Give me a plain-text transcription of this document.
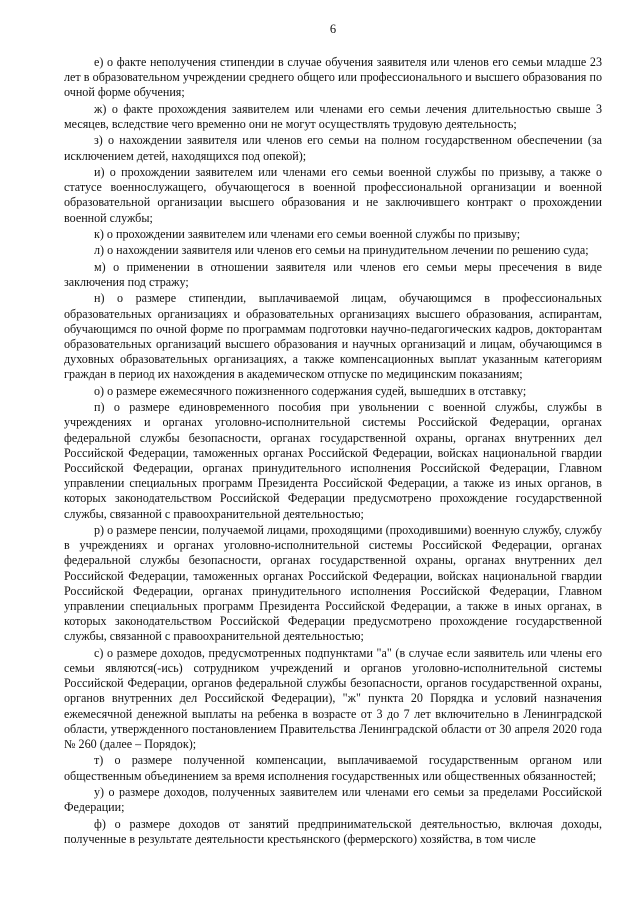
6

е) о факте неполучения стипендии в случае обучения заявителя или членов его семьи младше 23 лет в образовательном учреждении среднего общего или профессионального и высшего образования по очной форме обучения;

ж) о факте прохождения заявителем или членами его семьи лечения длительностью свыше 3 месяцев, вследствие чего временно они не могут осуществлять трудовую деятельность;

з) о нахождении заявителя или членов его семьи на полном государственном обеспечении (за исключением детей, находящихся под опекой);

и) о прохождении заявителем или членами его семьи военной службы по призыву, а также о статусе военнослужащего, обучающегося в военной профессиональной организации и военной образовательной организации высшего образования и не заключившего контракт о прохождении военной службы;

к) о прохождении заявителем или членами его семьи военной службы по призыву;

л) о нахождении заявителя или членов его семьи на принудительном лечении по решению суда;

м) о применении в отношении заявителя или членов его семьи меры пресечения в виде заключения под стражу;

н) о размере стипендии, выплачиваемой лицам, обучающимся в профессиональных образовательных организациях и образовательных организациях высшего образования, аспирантам, обучающимся по очной форме по программам подготовки научно-педагогических кадров, докторантам образовательных организаций высшего образования и научных организаций и лицам, обучающимся в духовных образовательных организациях, а также компенсационных выплат указанным категориям граждан в период их нахождения в академическом отпуске по медицинским показаниям;

о) о размере ежемесячного пожизненного содержания судей, вышедших в отставку;

п) о размере единовременного пособия при увольнении с военной службы, службы в учреждениях и органах уголовно-исполнительной системы Российской Федерации, органах федеральной службы безопасности, органах государственной охраны, органах внутренних дел Российской Федерации, таможенных органах Российской Федерации, войсках национальной гвардии Российской Федерации, органах принудительного исполнения Российской Федерации, Главном управлении специальных программ Президента Российской Федерации, а также из иных органов, в которых законодательством Российской Федерации предусмотрено прохождение государственной службы, связанной с правоохранительной деятельностью;

р) о размере пенсии, получаемой лицами, проходящими (проходившими) военную службу, службу в учреждениях и органах уголовно-исполнительной системы Российской Федерации, органах федеральной службы безопасности, органах государственной охраны, органах внутренних дел Российской Федерации, таможенных органах Российской Федерации, войсках национальной гвардии Российской Федерации, органах принудительного исполнения Российской Федерации, Главном управлении специальных программ Президента Российской Федерации, а также в иных органах, в которых законодательством Российской Федерации предусмотрено прохождение государственной службы, связанной с правоохранительной деятельностью;

с) о размере доходов, предусмотренных подпунктами "а" (в случае если заявитель или члены его семьи являются(-ись) сотрудником учреждений и органов уголовно-исполнительной системы Российской Федерации, органов федеральной службы безопасности, органов государственной охраны, органов внутренних дел Российской Федерации), "ж" пункта 20 Порядка и условий назначения ежемесячной денежной выплаты на ребенка в возрасте от 3 до 7 лет включительно в Ленинградской области, утвержденного постановлением Правительства Ленинградской области от 30 апреля 2020 года № 260 (далее – Порядок);

т) о размере полученной компенсации, выплачиваемой государственным органом или общественным объединением за время исполнения государственных или общественных обязанностей;

у) о размере доходов, полученных заявителем или членами его семьи за пределами Российской Федерации;

ф) о размере доходов от занятий предпринимательской деятельностью, включая доходы, полученные в результате деятельности крестьянского (фермерского) хозяйства, в том числе
